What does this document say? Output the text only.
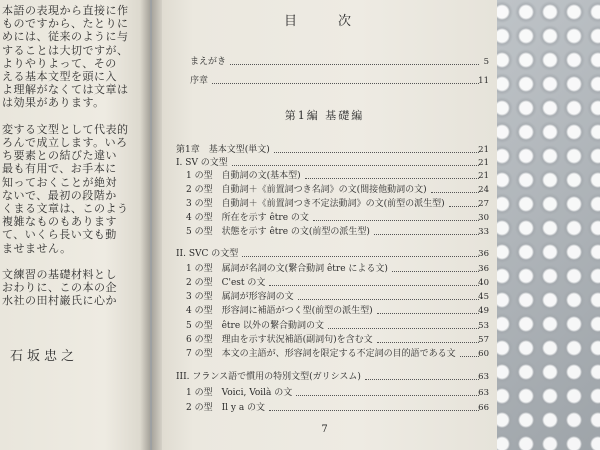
本語の表現から直接に作
ものですから、たとりに
めには、従来のように与
することは大切ですが、
よりやりよって、その
える基本文型を頭に入
よ理解がなくては文章は
は効果があります。
変する文型として代表的
ろんで成立します。いろ
ち要素との結びた違い
最も有用で、お手本に
知っておくことが絶対
ないで、最初の段階か
くまる文章は、このよう
複雑なものもあります
て、いくら長い文も動
ませません。
文練習の基礎材料とし
おわりに、この本の企
水社の田村巌氏に心か
石坂忠之
目　次
まえがき	5
序章	11
第1編 基礎編
第1章　基本文型(単文)	21
I. SV の文型	21
1 の型　自動詞の文(基本型)	21
2 の型　自動詞＋《前置詞つき名詞》の文(間接他動詞の文)	24
3 の型　自動詞＋《前置詞つき不定法動詞》の文(前型の派生型)	27
4 の型　所在を示す être の文	30
5 の型　状態を示す être の文(前型の派生型)	33
II. SVC の文型	36
1 の型　属詞が名詞の文(繋合動詞 être による文)	36
2 の型　C'est の文	40
3 の型　属詞が形容詞の文	45
4 の型　形容詞に補語がつく型(前型の派生型)	49
5 の型　être 以外の繋合動詞の文	53
6 の型　理由を示す状況補語(副詞句)を含む文	57
7 の型　本文の主語が、形容詞を限定する不定詞の目的語である文	60
III. フランス語で慣用の特別文型(ガリシスム)	63
1 の型　Voici, Voilà の文	63
2 の型　Il y a の文	66
7
